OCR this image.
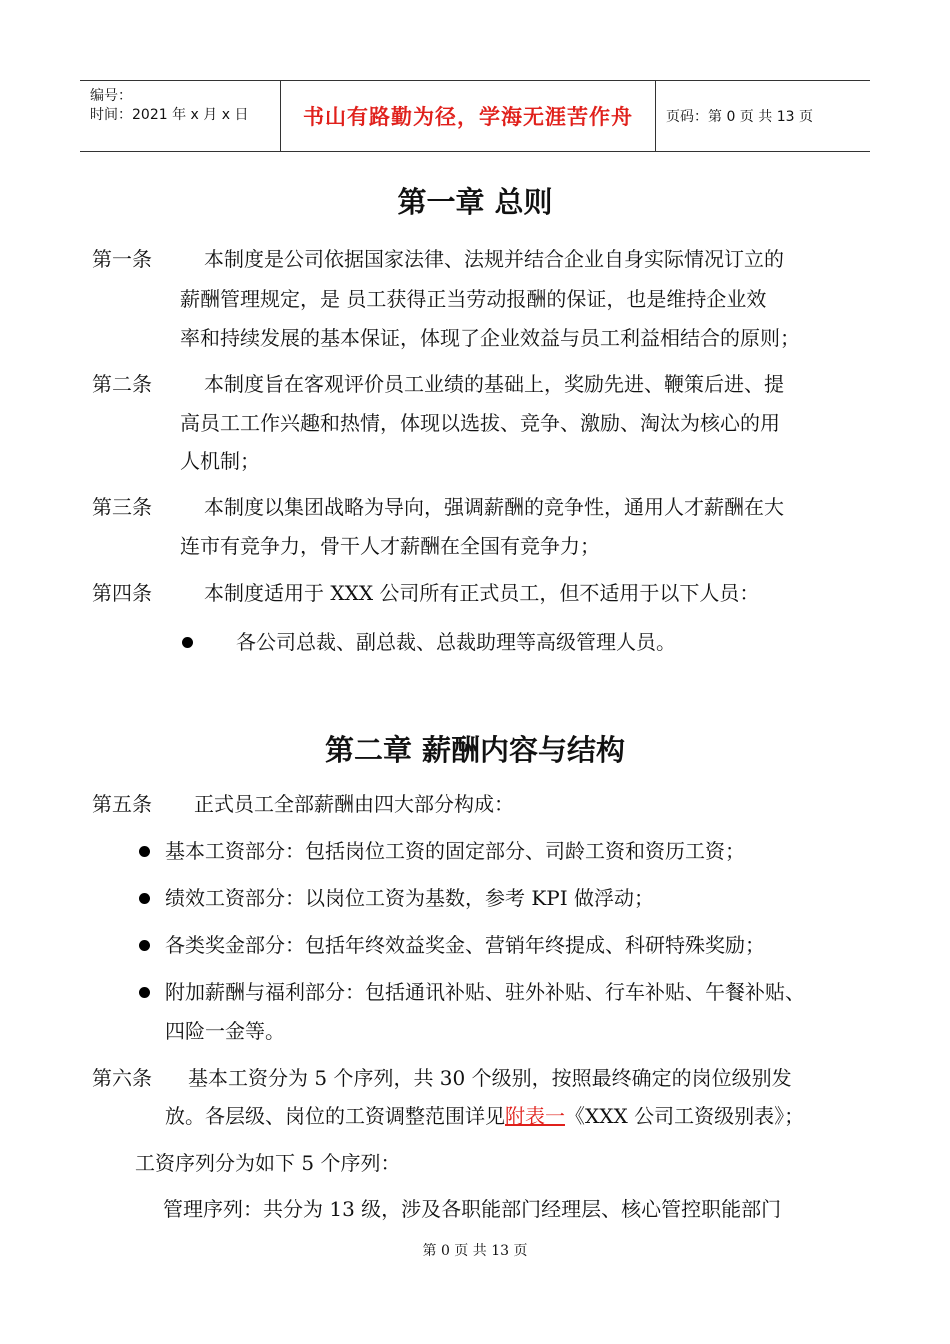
编号：
时间：2021 年 x 月 x 日	书山有路勤为径，学海无涯苦作舟	页码：第 0 页 共 13 页
第一章 总则
第一条	本制度是公司依据国家法律、法规并结合企业自身实际情况订立的
薪酬管理规定，是 员工获得正当劳动报酬的保证，也是维持企业效
率和持续发展的基本保证，体现了企业效益与员工利益相结合的原则；
第二条	本制度旨在客观评价员工业绩的基础上，奖励先进、鞭策后进、提
高员工工作兴趣和热情，体现以选拔、竞争、激励、淘汰为核心的用
人机制；
第三条	本制度以集团战略为导向，强调薪酬的竞争性，通用人才薪酬在大
连市有竞争力，骨干人才薪酬在全国有竞争力；
第四条	本制度适用于 XXX 公司所有正式员工，但不适用于以下人员：
各公司总裁、副总裁、总裁助理等高级管理人员。
第二章 薪酬内容与结构
第五条 正式员工全部薪酬由四大部分构成：
基本工资部分：包括岗位工资的固定部分、司龄工资和资历工资；
绩效工资部分：以岗位工资为基数，参考 KPI 做浮动；
各类奖金部分：包括年终效益奖金、营销年终提成、科研特殊奖励；
附加薪酬与福利部分：包括通讯补贴、驻外补贴、行车补贴、午餐补贴、
四险一金等。
第六条 基本工资分为 5 个序列，共 30 个级别，按照最终确定的岗位级别发
放。各层级、岗位的工资调整范围详见附表一《XXX 公司工资级别表》；
工资序列分为如下 5 个序列：
管理序列：共分为 13 级，涉及各职能部门经理层、核心管控职能部门
第 0 页 共 13 页
